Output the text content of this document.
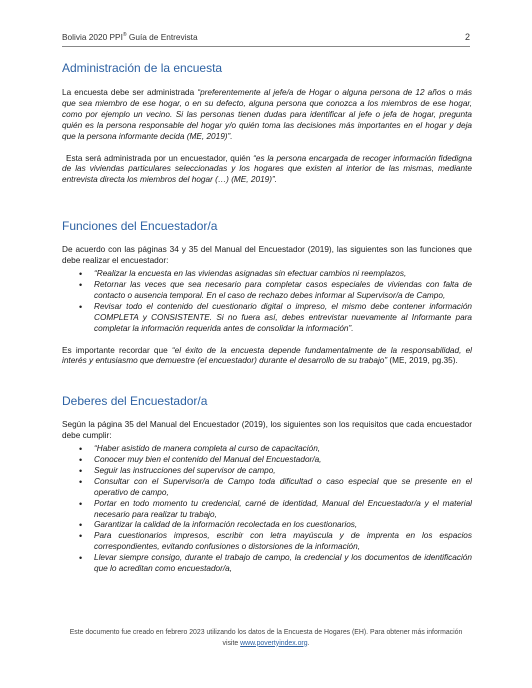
Bolivia 2020 PPI® Guía de Entrevista	2
Administración de la encuesta

La encuesta debe ser administrada “preferentemente al jefe/a de Hogar o alguna persona de 12 años o más que sea miembro de ese hogar, o en su defecto, alguna persona que conozca a los miembros de ese hogar, como por ejemplo un vecino. Si las personas tienen dudas para identificar al jefe o jefa de hogar, pregunta quién es la persona responsable del hogar y/o quién toma las decisiones más importantes en el hogar y deja que la persona informante decida (ME, 2019)”.

Esta será administrada por un encuestador, quién “es la persona encargada de recoger información fidedigna de las viviendas particulares seleccionadas y los hogares que existen al interior de las mismas, mediante entrevista directa los miembros del hogar (…) (ME, 2019)”.

Funciones del Encuestador/a

De acuerdo con las páginas 34 y 35 del Manual del Encuestador (2019), las siguientes son las funciones que debe realizar el encuestador:

• “Realizar la encuesta en las viviendas asignadas sin efectuar cambios ni reemplazos,
• Retornar las veces que sea necesario para completar casos especiales de viviendas con falta de contacto o ausencia temporal. En el caso de rechazo debes informar al Supervisor/a de Campo,
• Revisar todo el contenido del cuestionario digital o impreso, el mismo debe contener información COMPLETA y CONSISTENTE. Si no fuera así, debes entrevistar nuevamente al Informante para completar la información requerida antes de consolidar la información”.

Es importante recordar que “el éxito de la encuesta depende fundamentalmente de la responsabilidad, el interés y entusiasmo que demuestre (el encuestador) durante el desarrollo de su trabajo” (ME, 2019, pg.35).

Deberes del Encuestador/a

Según la página 35 del Manual del Encuestador (2019), los siguientes son los requisitos que cada encuestador debe cumplir:

• “Haber asistido de manera completa al curso de capacitación,
• Conocer muy bien el contenido del Manual del Encuestador/a,
• Seguir las instrucciones del supervisor de campo,
• Consultar con el Supervisor/a de Campo toda dificultad o caso especial que se presente en el operativo de campo,
• Portar en todo momento tu credencial, carné de identidad, Manual del Encuestador/a y el material necesario para realizar tu trabajo,
• Garantizar la calidad de la información recolectada en los cuestionarios,
• Para cuestionarios impresos, escribir con letra mayúscula y de imprenta en los espacios correspondientes, evitando confusiones o distorsiones de la información,
• Llevar siempre consigo, durante el trabajo de campo, la credencial y los documentos de identificación que lo acreditan como encuestador/a,
Este documento fue creado en febrero 2023 utilizando los datos de la Encuesta de Hogares (EH). Para obtener más información
visite www.povertyindex.org.
